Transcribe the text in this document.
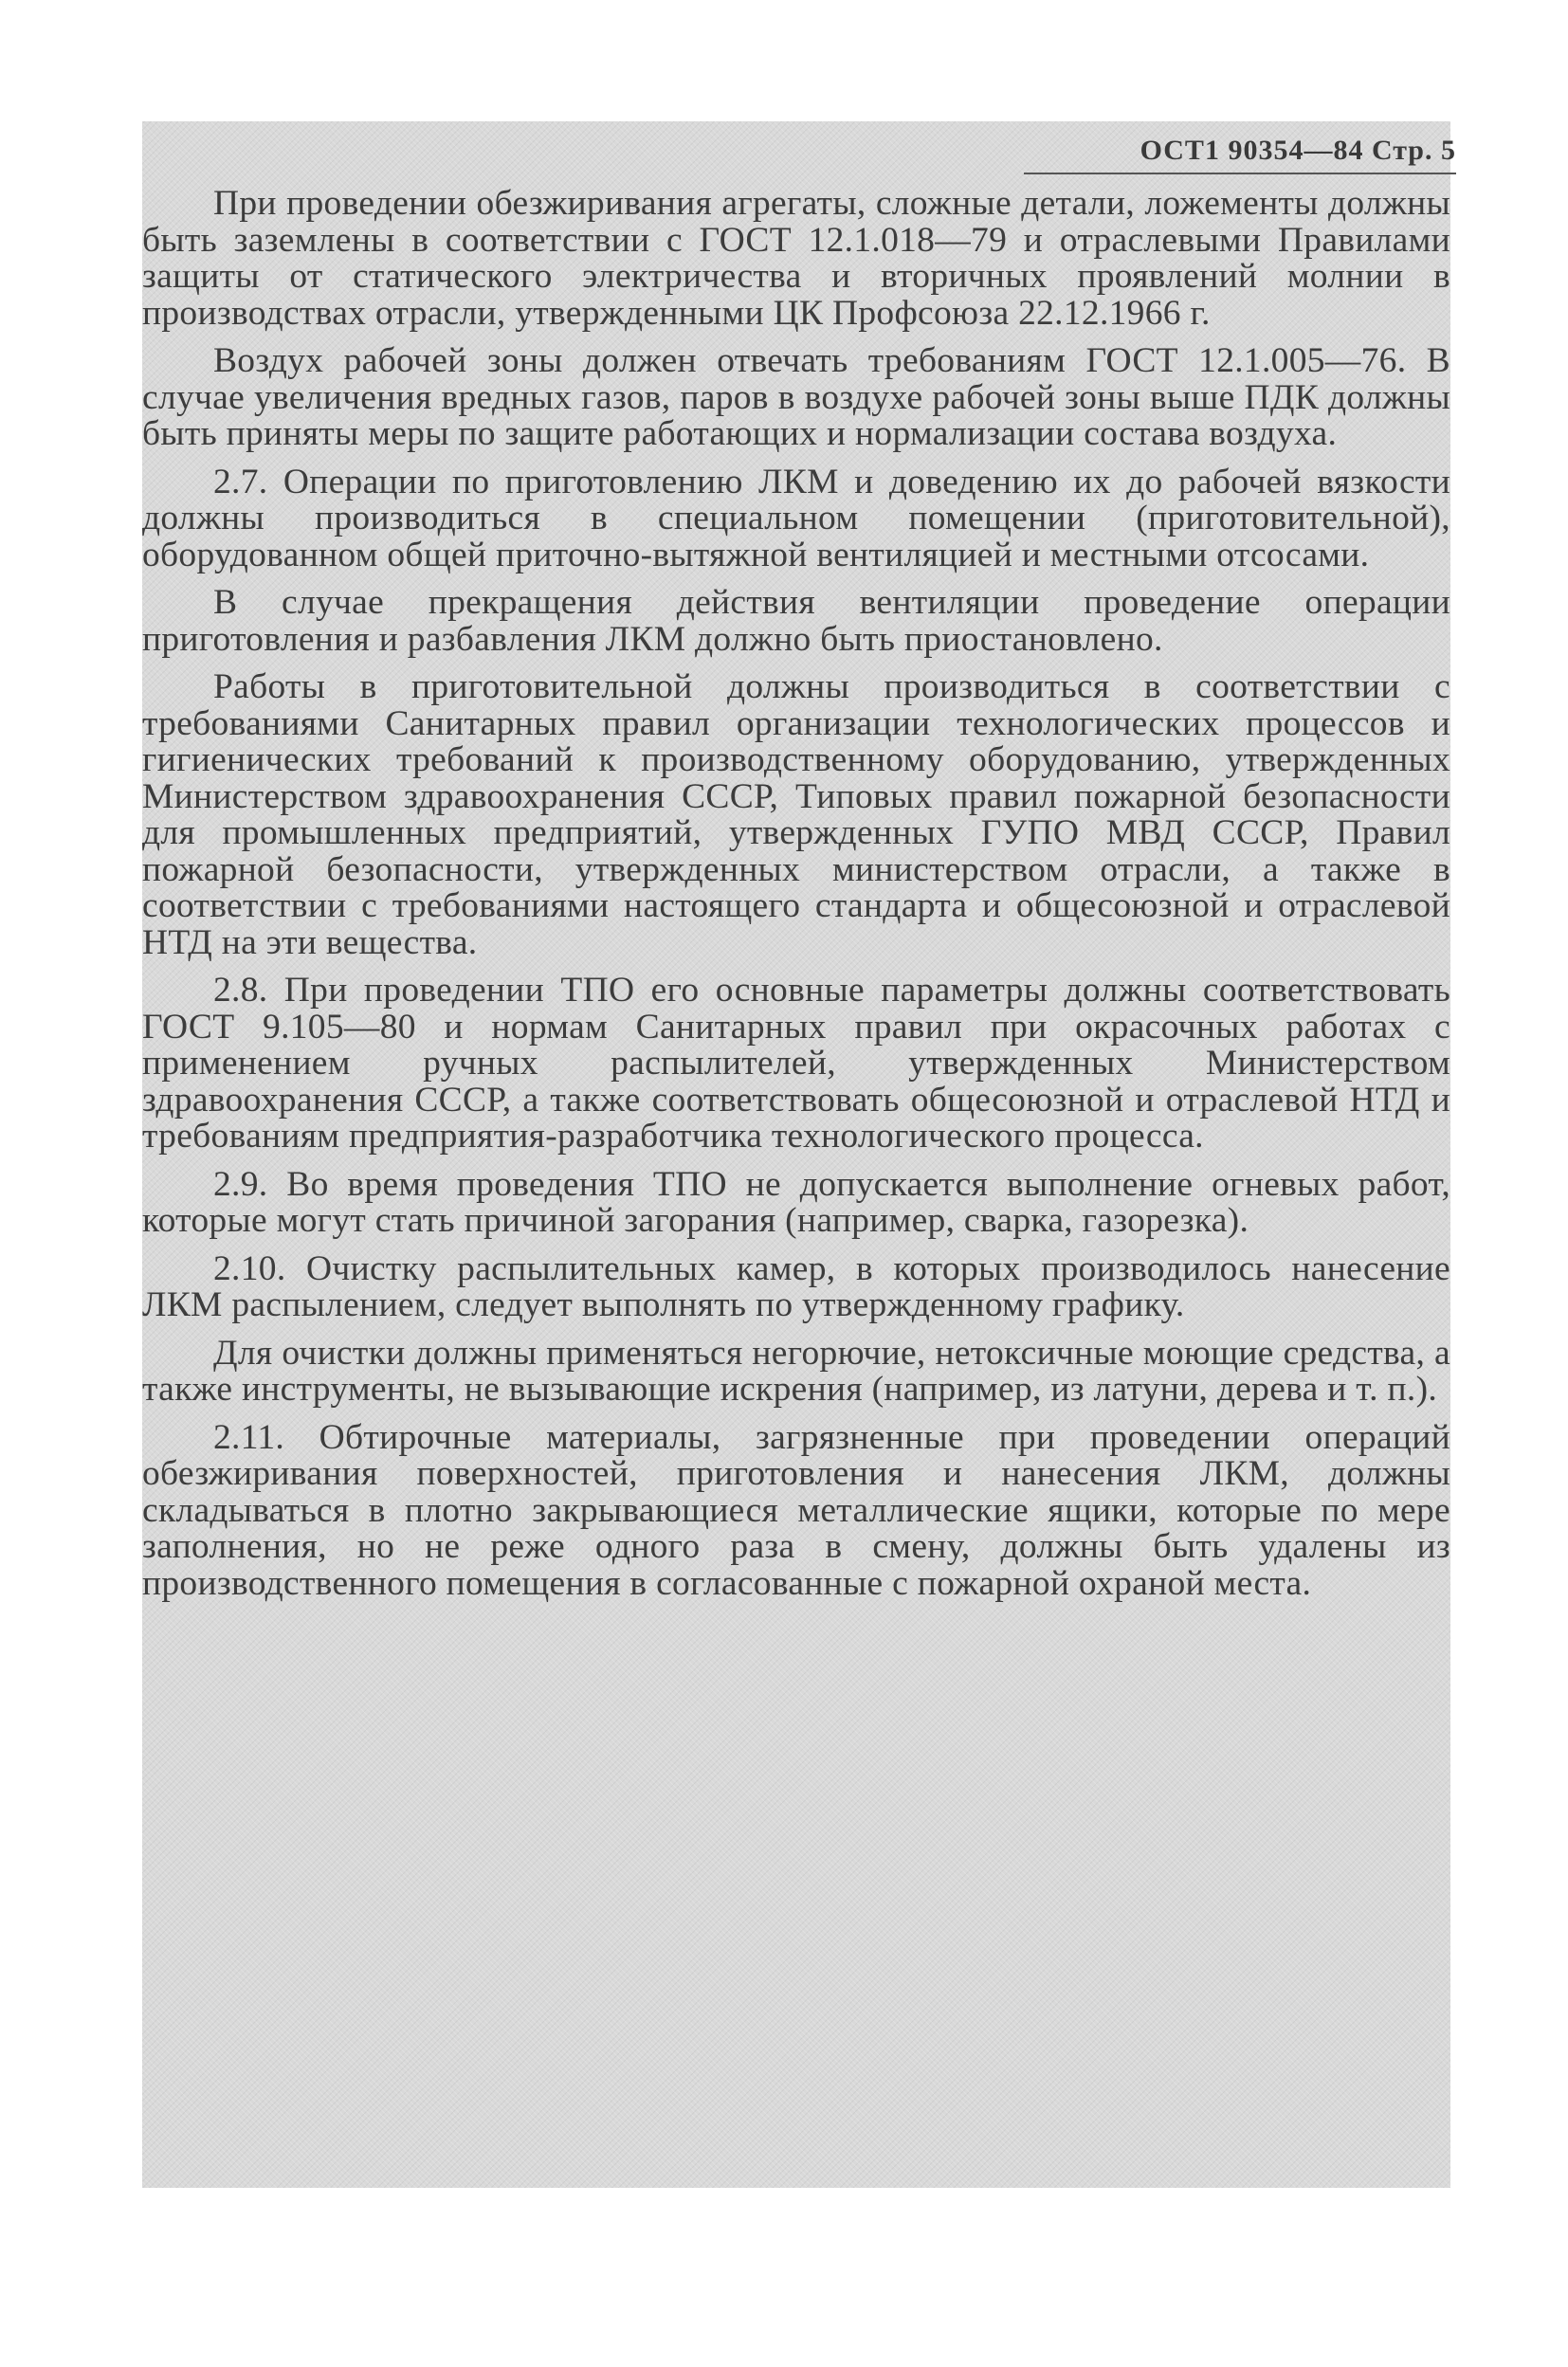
ОСТ1 90354—84 Стр. 5

При проведении обезжиривания агрегаты, сложные детали, ложементы должны быть заземлены в соответствии с ГОСТ 12.1.018—79 и отраслевыми Правилами защиты от статического электричества и вторичных проявлений молнии в производствах отрасли, утвержденными ЦК Профсоюза 22.12.1966 г.

Воздух рабочей зоны должен отвечать требованиям ГОСТ 12.1.005—76. В случае увеличения вредных газов, паров в воздухе рабочей зоны выше ПДК должны быть приняты меры по защите работающих и нормализации состава воздуха.

2.7. Операции по приготовлению ЛКМ и доведению их до рабочей вязкости должны производиться в специальном помещении (приготовительной), оборудованном общей приточно-вытяжной вентиляцией и местными отсосами.

В случае прекращения действия вентиляции проведение операции приготовления и разбавления ЛКМ должно быть приостановлено.

Работы в приготовительной должны производиться в соответствии с требованиями Санитарных правил организации технологических процессов и гигиенических требований к производственному оборудованию, утвержденных Министерством здравоохранения СССР, Типовых правил пожарной безопасности для промышленных предприятий, утвержденных ГУПО МВД СССР, Правил пожарной безопасности, утвержденных министерством отрасли, а также в соответствии с требованиями настоящего стандарта и общесоюзной и отраслевой НТД на эти вещества.

2.8. При проведении ТПО его основные параметры должны соответствовать ГОСТ 9.105—80 и нормам Санитарных правил при окрасочных работах с применением ручных распылителей, утвержденных Министерством здравоохранения СССР, а также соответствовать общесоюзной и отраслевой НТД и требованиям предприятия-разработчика технологического процесса.

2.9. Во время проведения ТПО не допускается выполнение огневых работ, которые могут стать причиной загорания (например, сварка, газорезка).

2.10. Очистку распылительных камер, в которых производилось нанесение ЛКМ распылением, следует выполнять по утвержденному графику.

Для очистки должны применяться негорючие, нетоксичные моющие средства, а также инструменты, не вызывающие искрения (например, из латуни, дерева и т. п.).

2.11. Обтирочные материалы, загрязненные при проведении операций обезжиривания поверхностей, приготовления и нанесения ЛКМ, должны складываться в плотно закрывающиеся металлические ящики, которые по мере заполнения, но не реже одного раза в смену, должны быть удалены из производственного помещения в согласованные с пожарной охраной места.
